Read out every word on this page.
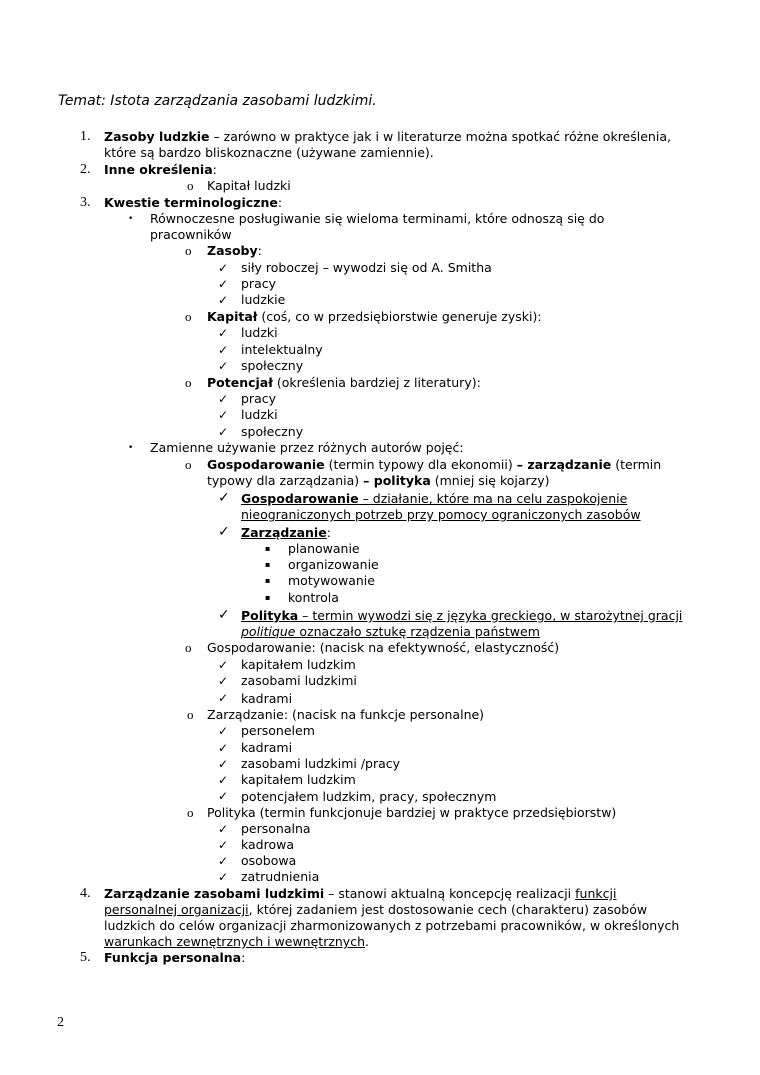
Temat: Istota zarządzania zasobami ludzkimi.
1. Zasoby ludzkie – zarówno w praktyce jak i w literaturze można spotkać różne określenia,
które są bardzo bliskoznaczne (używane zamiennie).
2. Inne określenia:
o Kapitał ludzki
3. Kwestie terminologiczne:
• Równoczesne posługiwanie się wieloma terminami, które odnoszą się do
pracowników
o Zasoby:
✓ siły roboczej – wywodzi się od A. Smitha
✓ pracy
✓ ludzkie
o Kapitał (coś, co w przedsiębiorstwie generuje zyski):
✓ ludzki
✓ intelektualny
✓ społeczny
o Potencjał (określenia bardziej z literatury):
✓ pracy
✓ ludzki
✓ społeczny
• Zamienne używanie przez różnych autorów pojęć:
o Gospodarowanie (termin typowy dla ekonomii) – zarządzanie (termin
typowy dla zarządzania) – polityka (mniej się kojarzy)
✓ Gospodarowanie – działanie, które ma na celu zaspokojenie
nieograniczonych potrzeb przy pomocy ograniczonych zasobów
✓ Zarządzanie:
▪ planowanie
▪ organizowanie
▪ motywowanie
▪ kontrola
✓ Polityka – termin wywodzi się z języka greckiego, w starożytnej gracji
politique oznaczało sztukę rządzenia państwem
o Gospodarowanie: (nacisk na efektywność, elastyczność)
✓ kapitałem ludzkim
✓ zasobami ludzkimi
✓ kadrami
o Zarządzanie: (nacisk na funkcje personalne)
✓ personelem
✓ kadrami
✓ zasobami ludzkimi /pracy
✓ kapitałem ludzkim
✓ potencjałem ludzkim, pracy, społecznym
o Polityka (termin funkcjonuje bardziej w praktyce przedsiębiorstw)
✓ personalna
✓ kadrowa
✓ osobowa
✓ zatrudnienia
4. Zarządzanie zasobami ludzkimi – stanowi aktualną koncepcję realizacji funkcji
personalnej organizacji, której zadaniem jest dostosowanie cech (charakteru) zasobów
ludzkich do celów organizacji zharmonizowanych z potrzebami pracowników, w określonych
warunkach zewnętrznych i wewnętrznych.
5. Funkcja personalna:
2
